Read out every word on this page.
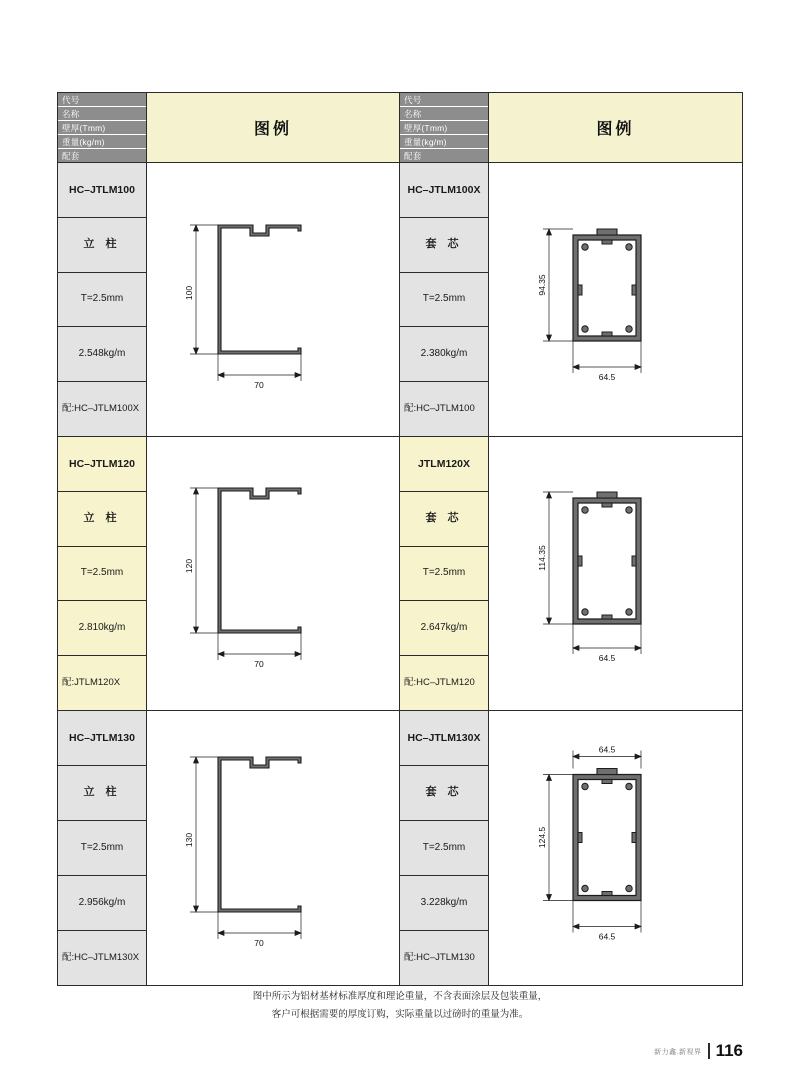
代号
名称
壁厚(Tmm)
重量(kg/m)
配套
图例
HC–JTLM100
立 柱
T=2.5mm
2.548kg/m
配:HC–JTLM100X
100
70
HC–JTLM120
立 柱
T=2.5mm
2.810kg/m
配:JTLM120X
120
70
HC–JTLM130
立 柱
T=2.5mm
2.956kg/m
配:HC–JTLM130X
130
70
代号
名称
壁厚(Tmm)
重量(kg/m)
配套
图例
HC–JTLM100X
套 芯
T=2.5mm
2.380kg/m
配:HC–JTLM100
94.35
64.5
JTLM120X
套 芯
T=2.5mm
2.647kg/m
配:HC–JTLM120
114.35
64.5
HC–JTLM130X
套 芯
T=2.5mm
3.228kg/m
配:HC–JTLM130
64.5
124.5
64.5
图中所示为铝材基材标准厚度和理论重量，不含表面涂层及包装重量，
客户可根据需要的厚度订购，实际重量以过磅时的重量为准。
新力鑫.新视界 116
